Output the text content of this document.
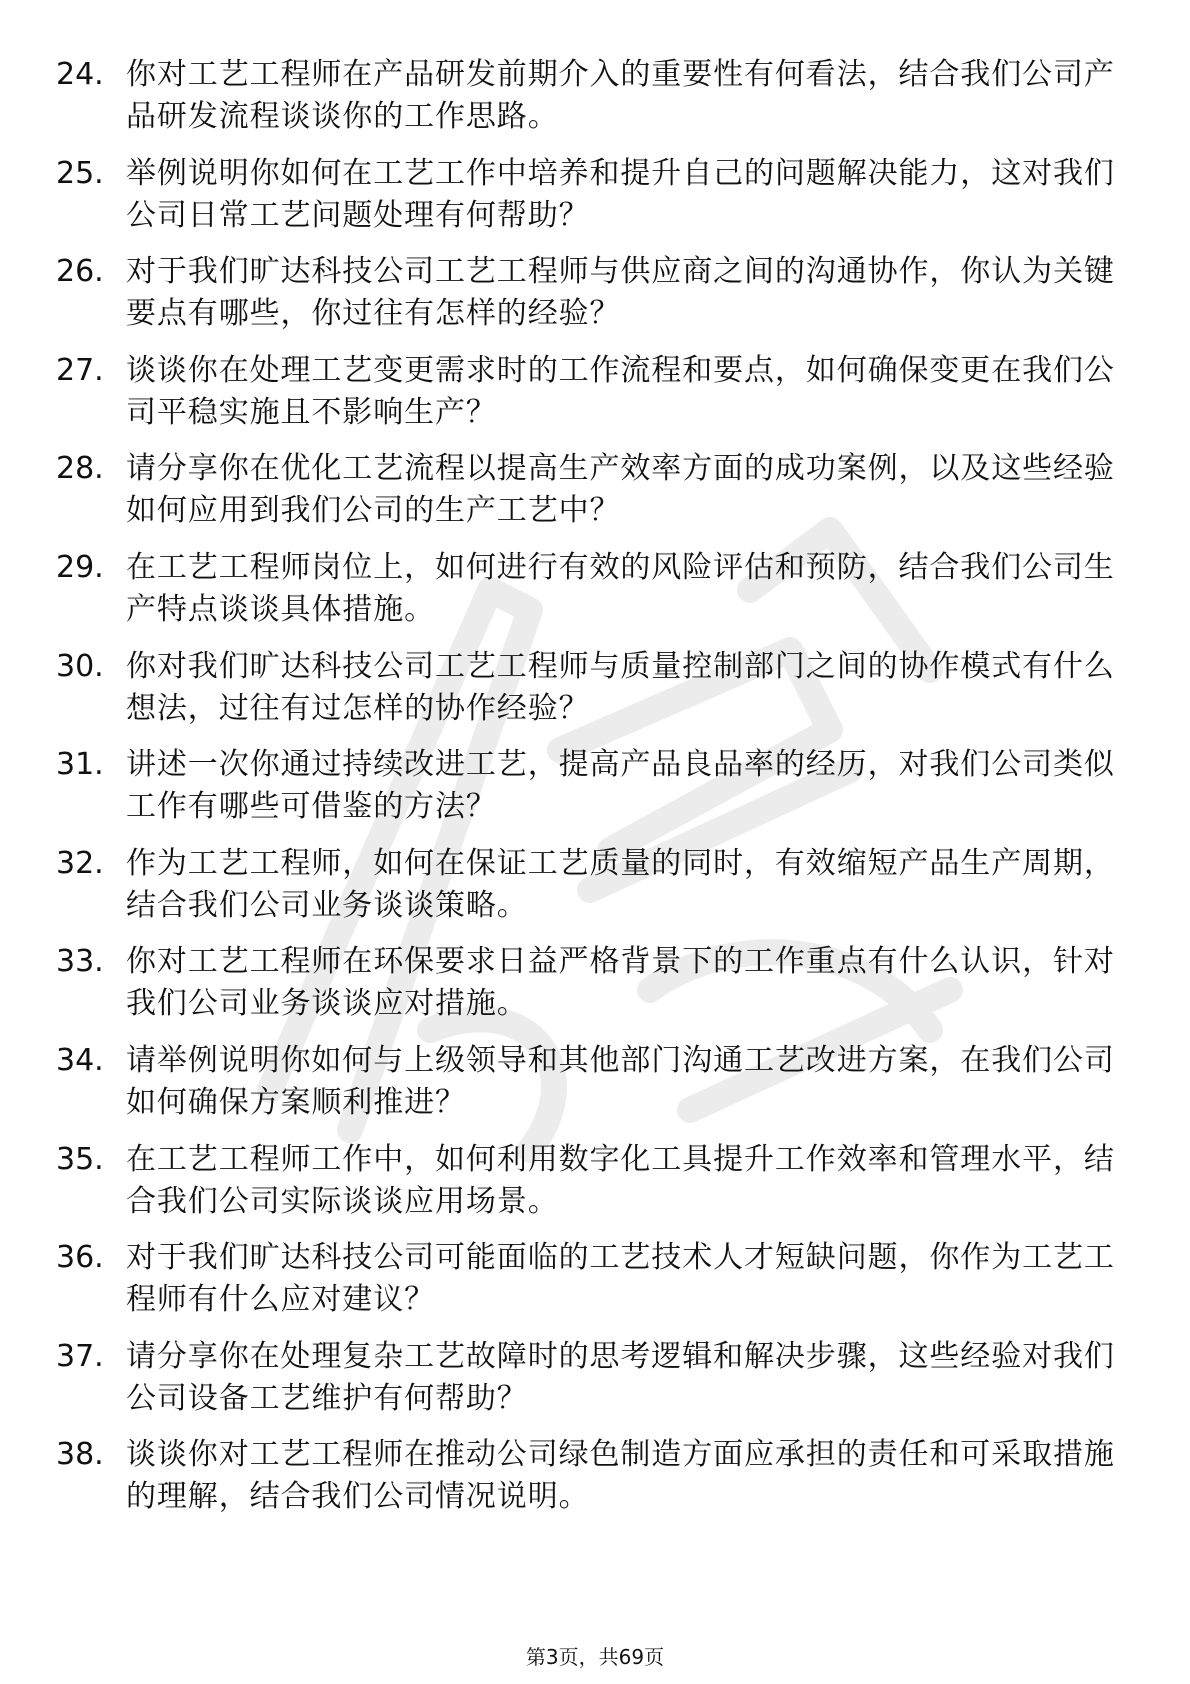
24. 你对工艺工程师在产品研发前期介入的重要性有何看法，结合我们公司产品研发流程谈谈你的工作思路。
25. 举例说明你如何在工艺工作中培养和提升自己的问题解决能力，这对我们公司日常工艺问题处理有何帮助？
26. 对于我们旷达科技公司工艺工程师与供应商之间的沟通协作，你认为关键要点有哪些，你过往有怎样的经验？
27. 谈谈你在处理工艺变更需求时的工作流程和要点，如何确保变更在我们公司平稳实施且不影响生产？
28. 请分享你在优化工艺流程以提高生产效率方面的成功案例，以及这些经验如何应用到我们公司的生产工艺中？
29. 在工艺工程师岗位上，如何进行有效的风险评估和预防，结合我们公司生产特点谈谈具体措施。
30. 你对我们旷达科技公司工艺工程师与质量控制部门之间的协作模式有什么想法，过往有过怎样的协作经验？
31. 讲述一次你通过持续改进工艺，提高产品良品率的经历，对我们公司类似工作有哪些可借鉴的方法？
32. 作为工艺工程师，如何在保证工艺质量的同时，有效缩短产品生产周期，结合我们公司业务谈谈策略。
33. 你对工艺工程师在环保要求日益严格背景下的工作重点有什么认识，针对我们公司业务谈谈应对措施。
34. 请举例说明你如何与上级领导和其他部门沟通工艺改进方案，在我们公司如何确保方案顺利推进？
35. 在工艺工程师工作中，如何利用数字化工具提升工作效率和管理水平，结合我们公司实际谈谈应用场景。
36. 对于我们旷达科技公司可能面临的工艺技术人才短缺问题，你作为工艺工程师有什么应对建议？
37. 请分享你在处理复杂工艺故障时的思考逻辑和解决步骤，这些经验对我们公司设备工艺维护有何帮助？
38. 谈谈你对工艺工程师在推动公司绿色制造方面应承担的责任和可采取措施的理解，结合我们公司情况说明。
第3页，共69页
